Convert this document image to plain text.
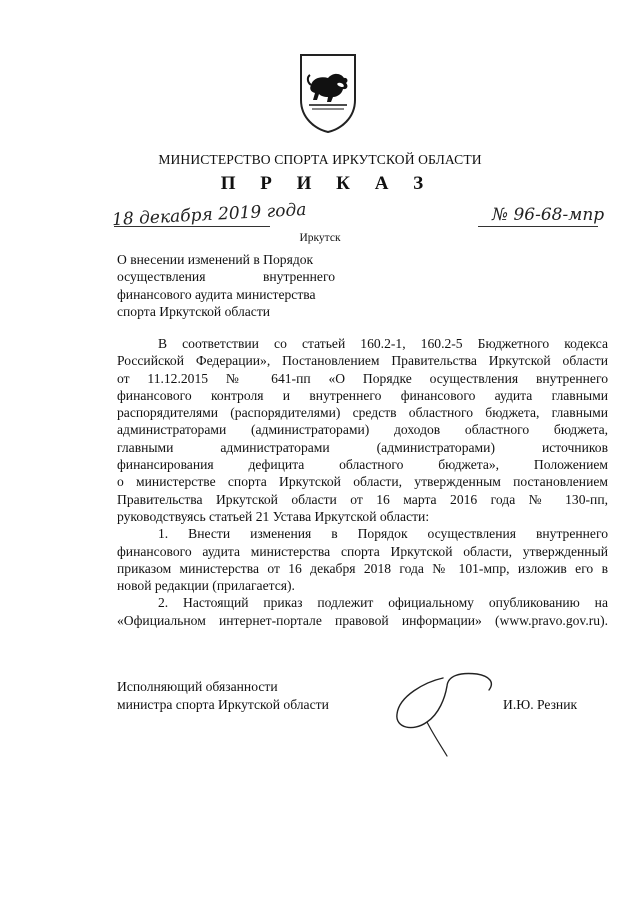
МИНИСТЕРСТВО СПОРТА ИРКУТСКОЙ ОБЛАСТИ
П Р И К А З
18 декабря 2019 года	№ 96-68-мпр
Иркутск
О внесении изменений в Порядок
осуществления внутреннего
финансового аудита министерства
спорта Иркутской области
В соответствии со статьей 160.2-1, 160.2-5 Бюджетного кодекса
Российской Федерации», Постановлением Правительства Иркутской области
от 11.12.2015 № 641-пп «О Порядке осуществления внутреннего
финансового контроля и внутреннего финансового аудита главными
распорядителями (распорядителями) средств областного бюджета, главными
администраторами (администраторами) доходов областного бюджета,
главными администраторами (администраторами) источников
финансирования дефицита областного бюджета», Положением
о министерстве спорта Иркутской области, утвержденным постановлением
Правительства Иркутской области от 16 марта 2016 года № 130-пп,
руководствуясь статьей 21 Устава Иркутской области:
1. Внести изменения в Порядок осуществления внутреннего
финансового аудита министерства спорта Иркутской области, утвержденный
приказом министерства от 16 декабря 2018 года № 101-мпр, изложив его в
новой редакции (прилагается).
2. Настоящий приказ подлежит официальному опубликованию на
«Официальном интернет-портале правовой информации» (www.pravo.gov.ru).
Исполняющий обязанности
министра спорта Иркутской области	И.Ю. Резник
